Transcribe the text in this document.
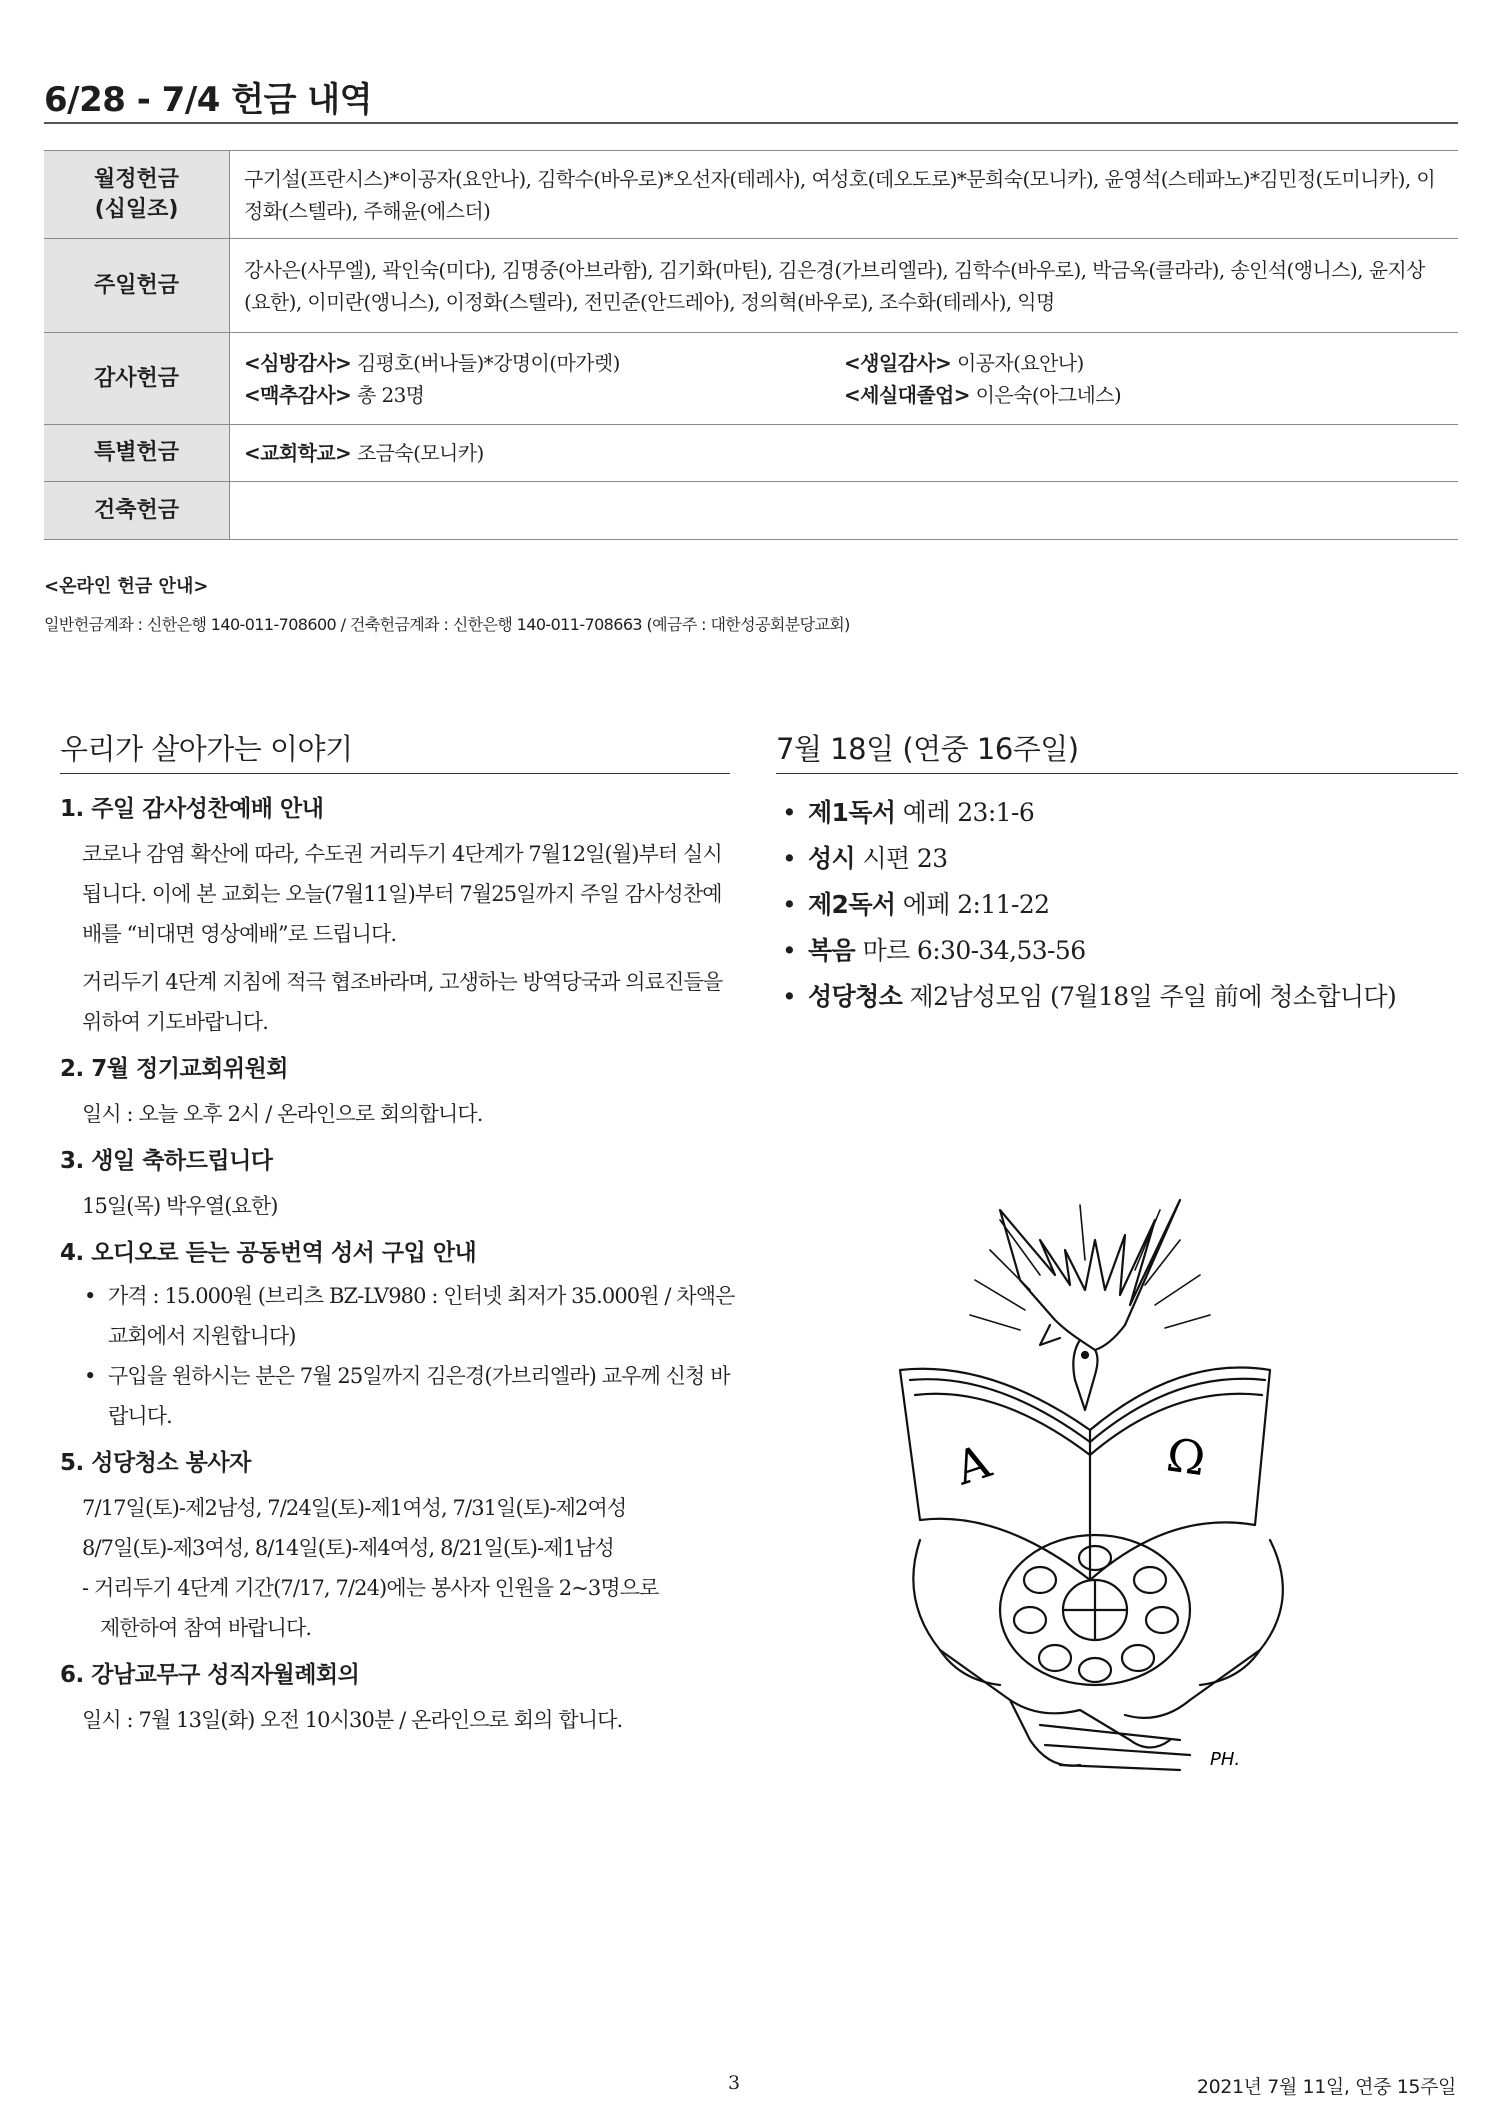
6/28 - 7/4 헌금 내역
월정헌금
(십일조)	구기설(프란시스)*이공자(요안나), 김학수(바우로)*오선자(테레사), 여성호(데오도로)*문희숙(모니카), 윤영석(스테파노)*김민정(도미니카), 이정화(스텔라), 주해윤(에스더)
주일헌금	강사은(사무엘), 곽인숙(미다), 김명중(아브라함), 김기화(마틴), 김은경(가브리엘라), 김학수(바우로), 박금옥(클라라), 송인석(앵니스), 윤지상(요한), 이미란(앵니스), 이정화(스텔라), 전민준(안드레아), 정의혁(바우로), 조수화(테레사), 익명
감사헌금	<심방감사> 김평호(버나들)*강명이(마가렛) <생일감사> 이공자(요안나)
<맥추감사> 총 23명 <세실대졸업> 이은숙(아그네스)

특별헌금	<교회학교> 조금숙(모니카)
건축헌금	
<온라인 헌금 안내>
일반헌금계좌 : 신한은행 140-011-708600 / 건축헌금계좌 : 신한은행 140-011-708663 (예금주 : 대한성공회분당교회)
우리가 살아가는 이야기	7월 18일 (연중 16주일)
1. 주일 감사성찬예배 안내

코로나 감염 확산에 따라, 수도권 거리두기 4단계가 7월12일(월)부터 실시됩니다. 이에 본 교회는 오늘(7월11일)부터 7월25일까지 주일 감사성찬예배를 “비대면 영상예배”로 드립니다.

거리두기 4단계 지침에 적극 협조바라며, 고생하는 방역당국과 의료진들을 위하여 기도바랍니다.

2. 7월 정기교회위원회

일시 : 오늘 오후 2시 / 온라인으로 회의합니다.

3. 생일 축하드립니다

15일(목) 박우열(요한)

4. 오디오로 듣는 공동번역 성서 구입 안내
• 가격 : 15.000원 (브리츠 BZ-LV980 : 인터넷 최저가 35.000원 / 차액은 교회에서 지원합니다)
• 구입을 원하시는 분은 7월 25일까지 김은경(가브리엘라) 교우께 신청 바랍니다.
5. 성당청소 봉사자

7/17일(토)-제2남성, 7/24일(토)-제1여성, 7/31일(토)-제2여성

8/7일(토)-제3여성, 8/14일(토)-제4여성, 8/21일(토)-제1남성

- 거리두기 4단계 기간(7/17, 7/24)에는 봉사자 인원을 2~3명으로

제한하여 참여 바랍니다.

6. 강남교무구 성직자월례회의

일시 : 7월 13일(화) 오전 10시30분 / 온라인으로 회의 합니다.

• 제1독서 예레 23:1-6
• 성시 시편 23
• 제2독서 에페 2:11-22
• 복음 마르 6:30-34,53-56
• 성당청소 제2남성모임 (7월18일 주일 前에 청소합니다)
A	Ω
PH.
3	2021년 7월 11일, 연중 15주일
